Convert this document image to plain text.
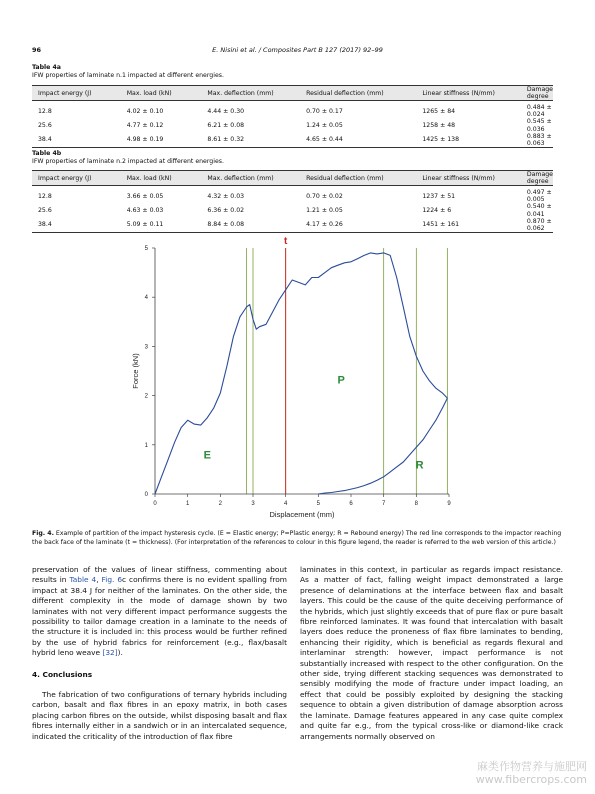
96	E. Nisini et al. / Composites Part B 127 (2017) 92–99
Table 4a
IFW properties of laminate n.1 impacted at different energies.
Impact energy (J)	Max. load (kN)	Max. deflection (mm)	Residual deflection (mm)	Linear stiffness (N/mm)	Damage degree
12.8	4.02 ± 0.10	4.44 ± 0.30	0.70 ± 0.17	1265 ± 84	0.484 ± 0.024
25.6	4.77 ± 0.12	6.21 ± 0.08	1.24 ± 0.05	1258 ± 48	0.545 ± 0.036
38.4	4.98 ± 0.19	8.61 ± 0.32	4.65 ± 0.44	1425 ± 138	0.883 ± 0.063
Table 4b
IFW properties of laminate n.2 impacted at different energies.
Impact energy (J)	Max. load (kN)	Max. deflection (mm)	Residual deflection (mm)	Linear stiffness (N/mm)	Damage degree
12.8	3.66 ± 0.05	4.32 ± 0.03	0.70 ± 0.02	1237 ± 51	0.497 ± 0.005
25.6	4.63 ± 0.03	6.36 ± 0.02	1.21 ± 0.05	1224 ± 6	0.540 ± 0.041
38.4	5.09 ± 0.11	8.84 ± 0.08	4.17 ± 0.26	1451 ± 161	0.870 ± 0.062
t
0	1	2	3	4	5	6	7	8	9
0
1
2
3
4
5
Displacement (mm)
Force (kN)
E
P
R
Fig. 4. Example of partition of the impact hysteresis cycle. (E = Elastic energy; P=Plastic energy; R = Rebound energy) The red line corresponds to the impactor reaching the back face of the laminate (t = thickness). (For interpretation of the references to colour in this figure legend, the reader is referred to the web version of this article.)
preservation of the values of linear stiffness, commenting about results in Table 4, Fig. 6c confirms there is no evident spalling from impact at 38.4 J for neither of the laminates. On the other side, the different complexity in the mode of damage shown by two laminates with not very different impact performance suggests the possibility to tailor damage creation in a laminate to the needs of the structure it is included in: this process would be further refined by the use of hybrid fabrics for reinforcement (e.g., flax/basalt hybrid leno weave [32]).
4. Conclusions
The fabrication of two configurations of ternary hybrids including carbon, basalt and flax fibres in an epoxy matrix, in both cases placing carbon fibres on the outside, whilst disposing basalt and flax fibres internally either in a sandwich or in an intercalated sequence, indicated the criticality of the introduction of flax fibre
laminates in this context, in particular as regards impact resistance. As a matter of fact, falling weight impact demonstrated a large presence of delaminations at the interface between flax and basalt layers. This could be the cause of the quite deceiving performance of the hybrids, which just slightly exceeds that of pure flax or pure basalt fibre reinforced laminates. It was found that intercalation with basalt layers does reduce the proneness of flax fibre laminates to bending, enhancing their rigidity, which is beneficial as regards flexural and interlaminar strength: however, impact performance is not substantially increased with respect to the other configuration. On the other side, trying different stacking sequences was demonstrated to sensibly modifying the mode of fracture under impact loading, an effect that could be possibly exploited by designing the stacking sequence to obtain a given distribution of damage absorption across the laminate. Damage features appeared in any case quite complex and quite far e.g., from the typical cross-like or diamond-like crack arrangements normally observed on
麻类作物营养与施肥网
www.fibercrops.com
